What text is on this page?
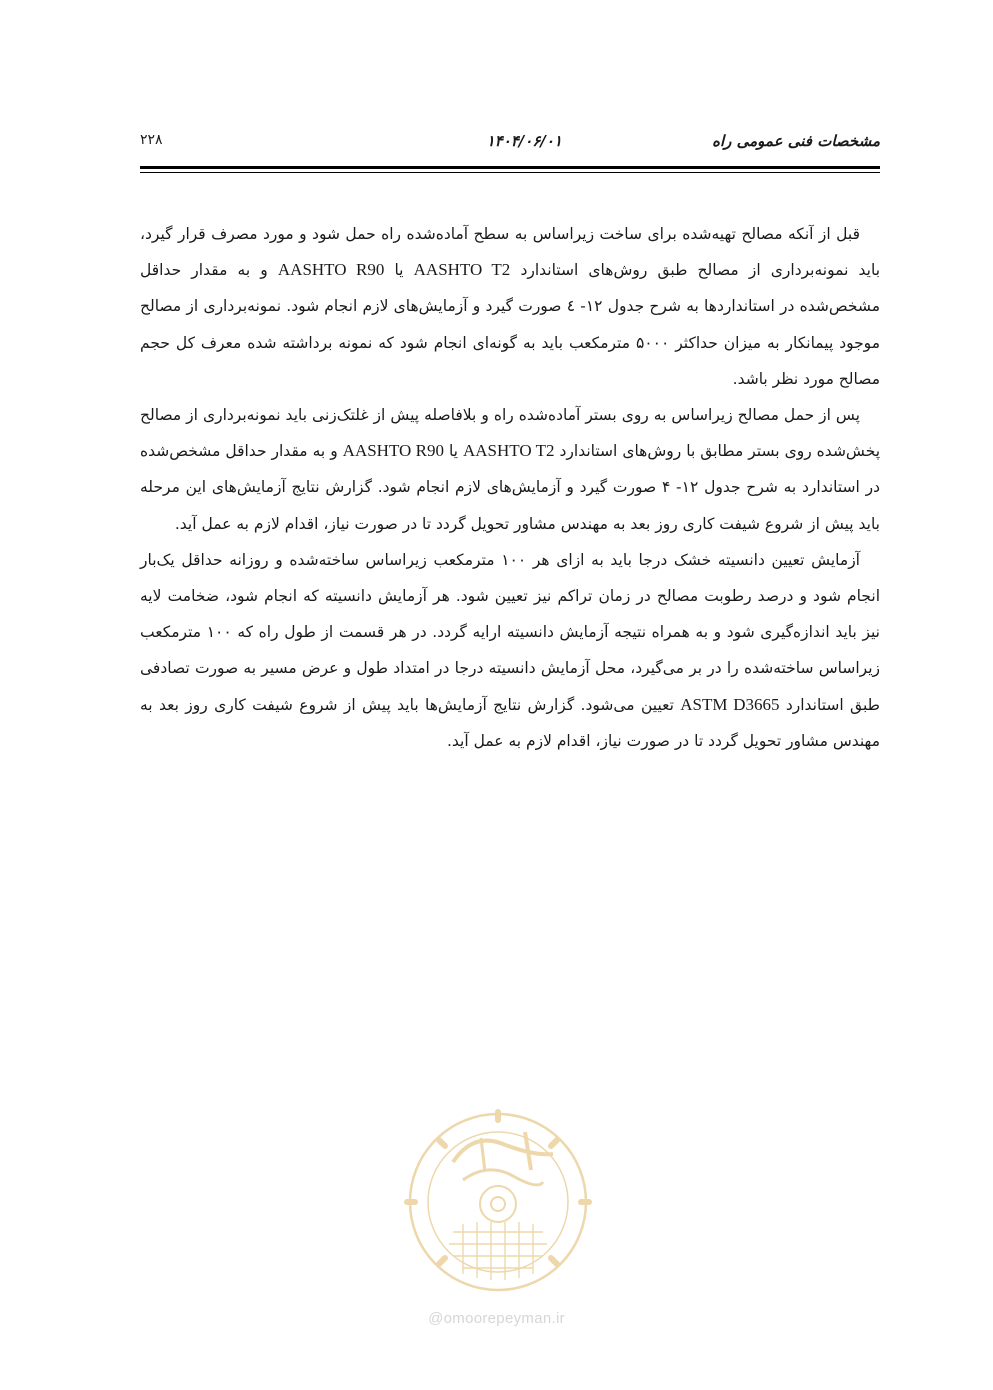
مشخصات فنی عمومی راه
۱۴۰۴/۰۶/۰۱
۲۲۸

قبل از آنکه مصالح تهیه‌شده برای ساخت زیراساس به سطح آماده‌شده راه حمل شود و مورد مصرف قرار گیرد، باید نمونه‌برداری از مصالح طبق روش‌های استاندارد AASHTO T2 یا AASHTO R90 و به مقدار حداقل مشخص‌شده در استانداردها به شرح جدول ۱۲- ٤ صورت گیرد و آزمایش‌های لازم انجام شود. نمونه‌برداری از مصالح موجود پیمانکار به میزان حداکثر ۵۰۰۰ مترمکعب باید به گونه‌ای انجام شود که نمونه برداشته شده معرف کل حجم مصالح مورد نظر باشد.

پس از حمل مصالح زیراساس به روی بستر آماده‌شده راه و بلافاصله پیش از غلتک‌زنی باید نمونه‌برداری از مصالح پخش‌شده روی بستر مطابق با روش‌های استاندارد AASHTO T2 یا AASHTO R90 و به مقدار حداقل مشخص‌شده در استاندارد به شرح جدول ۱۲- ۴ صورت گیرد و آزمایش‌های لازم انجام شود. گزارش نتایج آزمایش‌های این مرحله باید پیش از شروع شیفت کاری روز بعد به مهندس مشاور تحویل گردد تا در صورت نیاز، اقدام لازم به عمل آید.

آزمایش تعیین دانسیته خشک درجا باید به ازای هر ۱۰۰ مترمکعب زیراساس ساخته‌شده و روزانه حداقل یک‌بار انجام شود و درصد رطوبت مصالح در زمان تراکم نیز تعیین شود. هر آزمایش دانسیته که انجام شود، ضخامت لایه نیز باید اندازه‌گیری شود و به همراه نتیجه آزمایش دانسیته ارایه گردد. در هر قسمت از طول راه که ۱۰۰ مترمکعب زیراساس ساخته‌شده را در بر می‌گیرد، محل آزمایش دانسیته درجا در امتداد طول و عرض مسیر به صورت تصادفی طبق استاندارد ASTM D3665 تعیین می‌شود. گزارش نتایج آزمایش‌ها باید پیش از شروع شیفت کاری روز بعد به مهندس مشاور تحویل گردد تا در صورت نیاز، اقدام لازم به عمل آید.

@omoorepeyman.ir
